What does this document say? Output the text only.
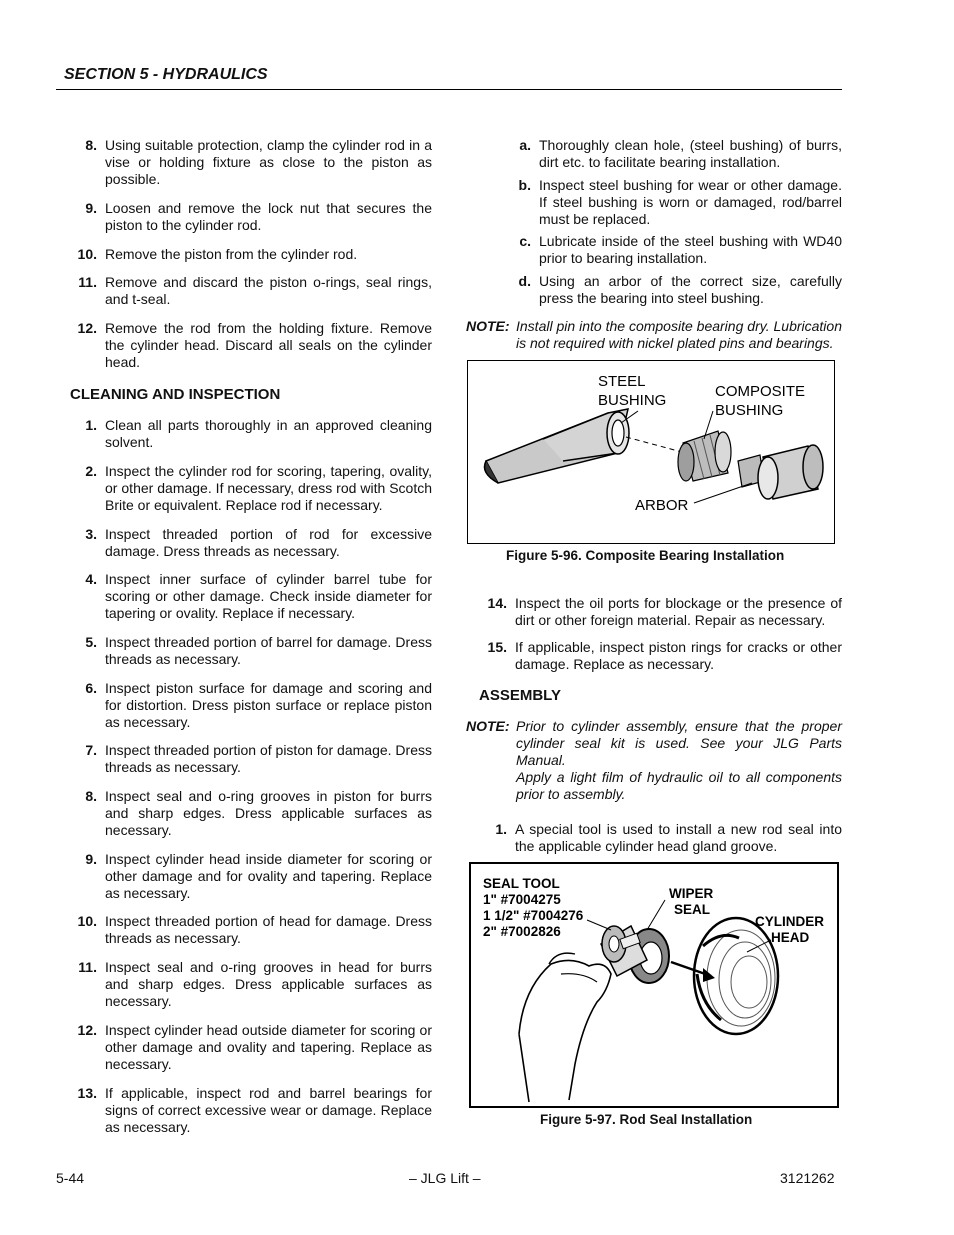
SECTION 5 - HYDRAULICS
8. Using suitable protection, clamp the cylinder rod in a vise or holding fixture as close to the piston as possible.
9. Loosen and remove the lock nut that secures the piston to the cylinder rod.
10. Remove the piston from the cylinder rod.
11. Remove and discard the piston o-rings, seal rings, and t-seal.
12. Remove the rod from the holding fixture. Remove the cylinder head. Discard all seals on the cylinder head.
CLEANING AND INSPECTION
1. Clean all parts thoroughly in an approved cleaning solvent.
2. Inspect the cylinder rod for scoring, tapering, ovality, or other damage. If necessary, dress rod with Scotch Brite or equivalent. Replace rod if necessary.
3. Inspect threaded portion of rod for excessive damage. Dress threads as necessary.
4. Inspect inner surface of cylinder barrel tube for scoring or other damage. Check inside diameter for tapering or ovality. Replace if necessary.
5. Inspect threaded portion of barrel for damage. Dress threads as necessary.
6. Inspect piston surface for damage and scoring and for distortion. Dress piston surface or replace piston as necessary.
7. Inspect threaded portion of piston for damage. Dress threads as necessary.
8. Inspect seal and o-ring grooves in piston for burrs and sharp edges. Dress applicable surfaces as necessary.
9. Inspect cylinder head inside diameter for scoring or other damage and for ovality and tapering. Replace as necessary.
10. Inspect threaded portion of head for damage. Dress threads as necessary.
11. Inspect seal and o-ring grooves in head for burrs and sharp edges. Dress applicable surfaces as necessary.
12. Inspect cylinder head outside diameter for scoring or other damage and ovality and tapering. Replace as necessary.
13. If applicable, inspect rod and barrel bearings for signs of correct excessive wear or damage. Replace as necessary.
a. Thoroughly clean hole, (steel bushing) of burrs, dirt etc. to facilitate bearing installation.
b. Inspect steel bushing for wear or other damage. If steel bushing is worn or damaged, rod/barrel must be replaced.
c. Lubricate inside of the steel bushing with WD40 prior to bearing installation.
d. Using an arbor of the correct size, carefully press the bearing into steel bushing.
NOTE: Install pin into the composite bearing dry. Lubrication is not required with nickel plated pins and bearings.
STEEL
BUSHING
COMPOSITE
BUSHING
ARBOR
Figure 5-96. Composite Bearing Installation
14. Inspect the oil ports for blockage or the presence of dirt or other foreign material. Repair as necessary.
15. If applicable, inspect piston rings for cracks or other damage. Replace as necessary.
ASSEMBLY
NOTE: Prior to cylinder assembly, ensure that the proper cylinder seal kit is used. See your JLG Parts Manual.
Apply a light film of hydraulic oil to all components prior to assembly.
1. A special tool is used to install a new rod seal into the applicable cylinder head gland groove.
SEAL TOOL
1" #7004275
1 1/2" #7004276
2" #7002826
WIPER
SEAL
CYLINDER
HEAD
Figure 5-97. Rod Seal Installation
5-44	– JLG Lift –	3121262
